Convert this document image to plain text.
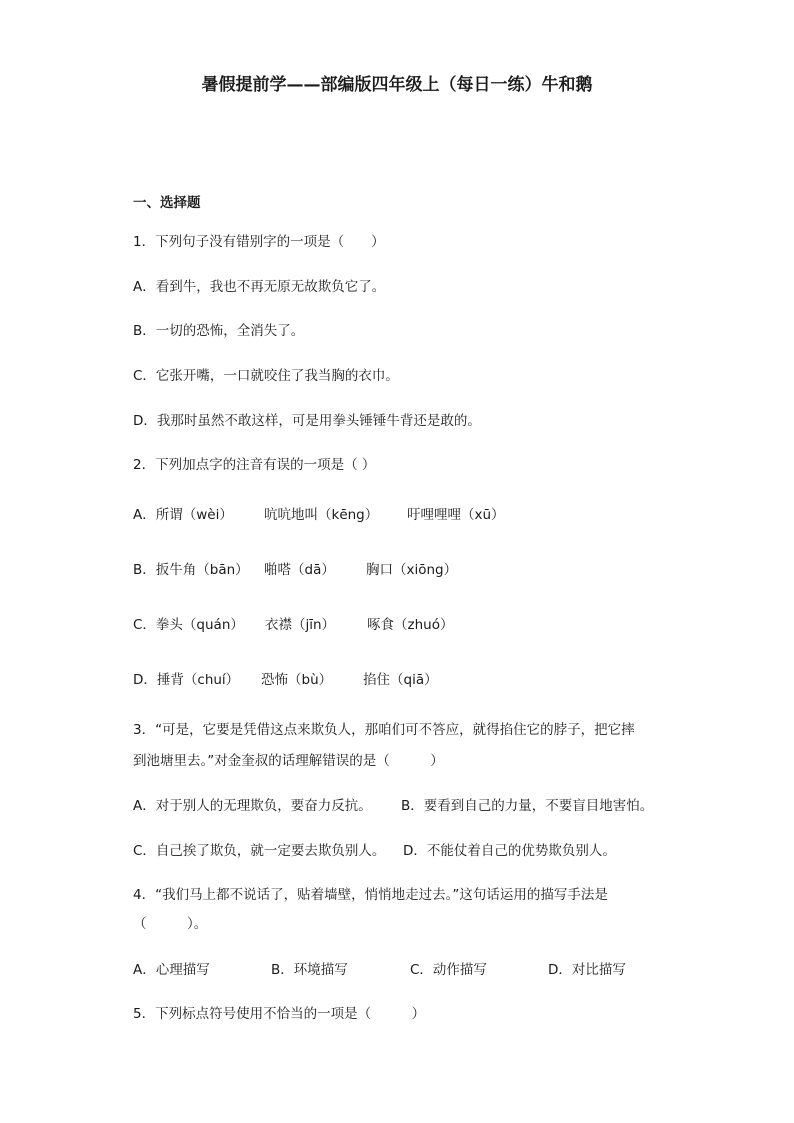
暑假提前学——部编版四年级上（每日一练）牛和鹅
一、选择题
1．下列句子没有错别字的一项是（　　）
A．看到牛，我也不再无原无故欺负它了。
B．一切的恐怖，全消失了。
C．它张开嘴，一口就咬住了我当胸的衣巾。
D．我那时虽然不敢这样，可是用拳头锤锤牛背还是敢的。
2．下列加点字的注音有误的一项是（ ）
A．所谓（wèi） 吭吭地叫（kēng） 吁哩哩哩（xū）
B．扳牛角（bān） 啪嗒（dā） 胸口（xiōng）
C．拳头（quán） 衣襟（jīn） 啄食（zhuó）
D．捶背（chuí） 恐怖（bù） 掐住（qiā）
3．“可是，它要是凭借这点来欺负人，那咱们可不答应，就得掐住它的脖子，把它摔
到池塘里去。”对金奎叔的话理解错误的是（　　　）
A．对于别人的无理欺负，要奋力反抗。 B．要看到自己的力量，不要盲目地害怕。
C．自己挨了欺负，就一定要去欺负别人。 D．不能仗着自己的优势欺负别人。
4．“我们马上都不说话了，贴着墙壁，悄悄地走过去。”这句话运用的描写手法是
（　　　）。
A．心理描写	B．环境描写	C．动作描写	D．对比描写
5．下列标点符号使用不恰当的一项是（　　　）
